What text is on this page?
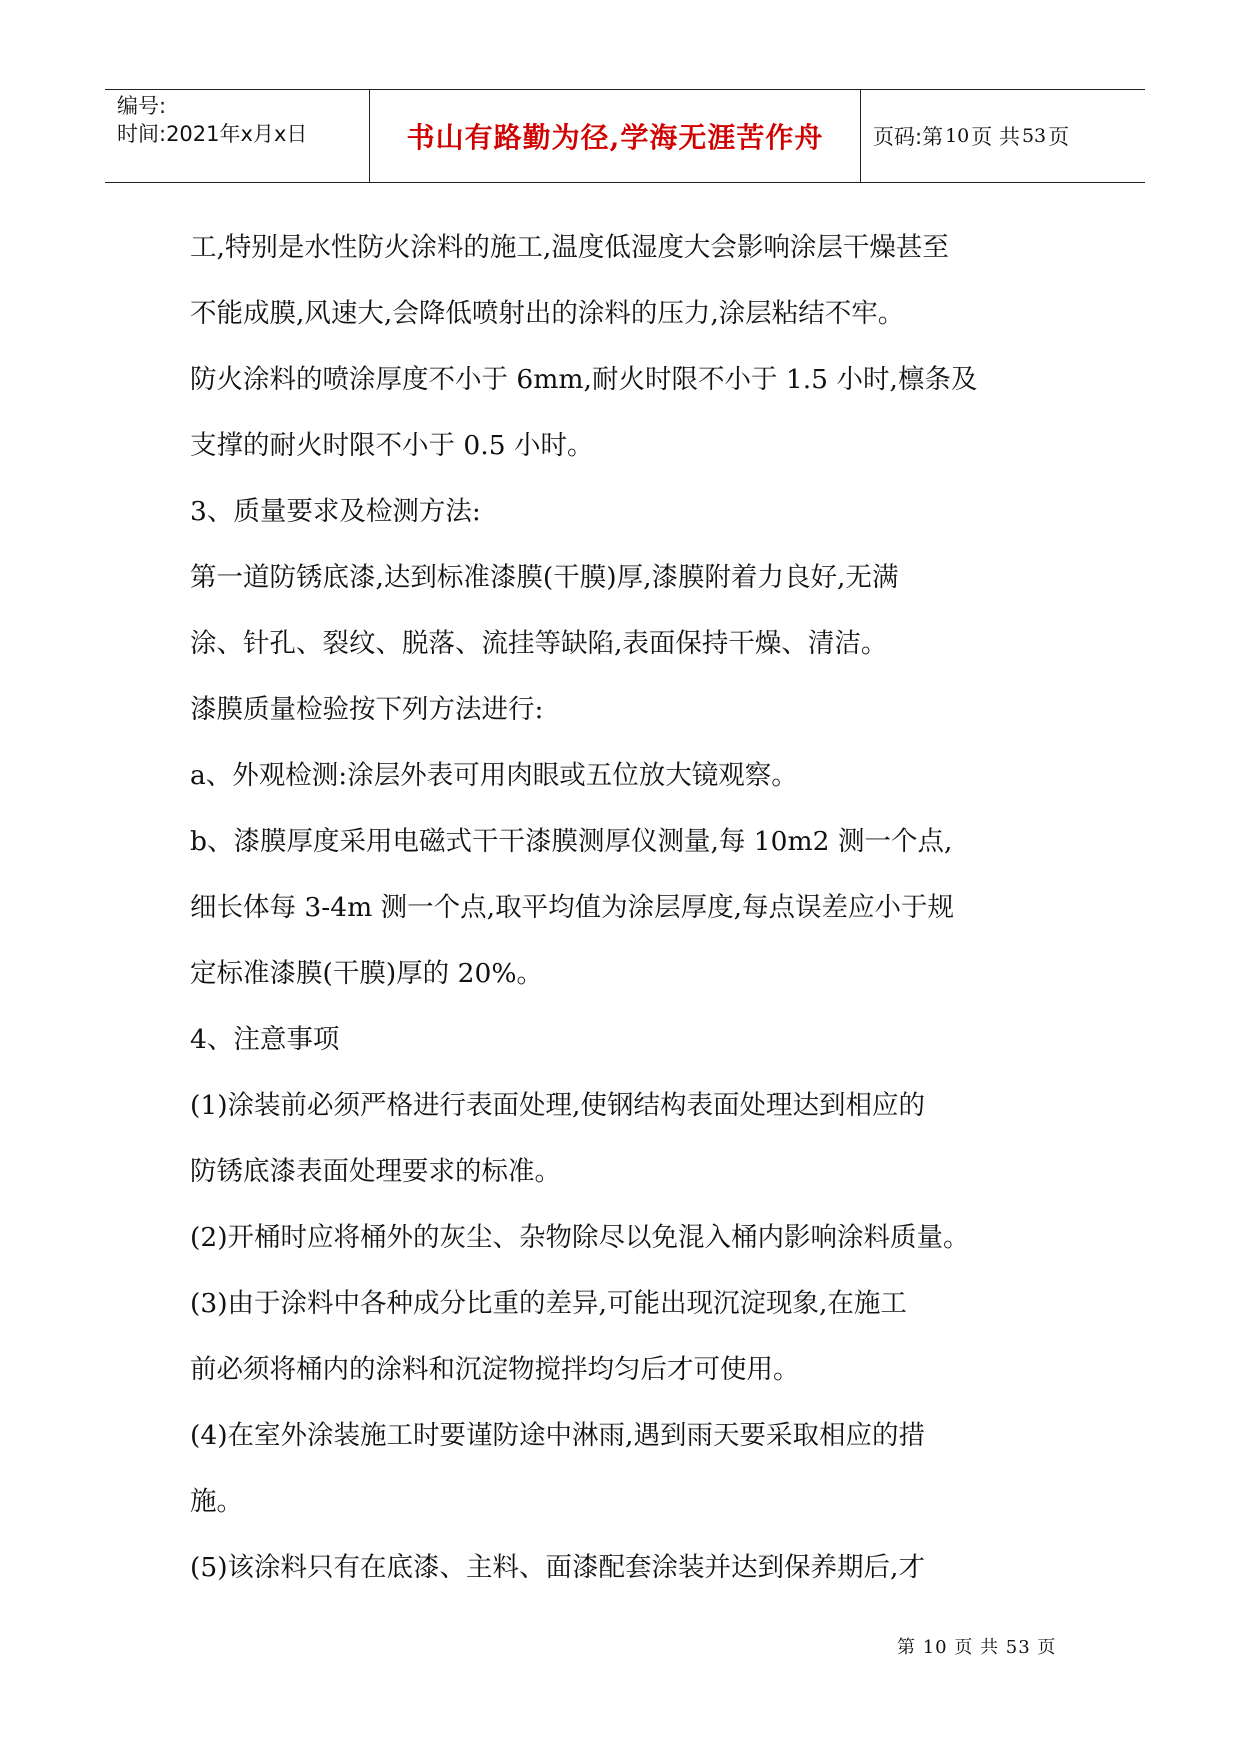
编号:
时间:2021年x月x日	书山有路勤为径,学海无涯苦作舟	页码:第 10 页 共 53 页

工,特别是水性防火涂料的施工,温度低湿度大会影响涂层干燥甚至

不能成膜,风速大,会降低喷射出的涂料的压力,涂层粘结不牢。

防火涂料的喷涂厚度不小于 6mm,耐火时限不小于 1.5 小时,檩条及

支撑的耐火时限不小于 0.5 小时。

3、质量要求及检测方法:

第一道防锈底漆,达到标准漆膜(干膜)厚,漆膜附着力良好,无满

涂、针孔、裂纹、脱落、流挂等缺陷,表面保持干燥、清洁。

漆膜质量检验按下列方法进行:

a、外观检测:涂层外表可用肉眼或五位放大镜观察。

b、漆膜厚度采用电磁式干干漆膜测厚仪测量,每 10m2 测一个点,

细长体每 3-4m 测一个点,取平均值为涂层厚度,每点误差应小于规

定标准漆膜(干膜)厚的 20%。

4、注意事项

(1)涂装前必须严格进行表面处理,使钢结构表面处理达到相应的

防锈底漆表面处理要求的标准。

(2)开桶时应将桶外的灰尘、杂物除尽以免混入桶内影响涂料质量。

(3)由于涂料中各种成分比重的差异,可能出现沉淀现象,在施工

前必须将桶内的涂料和沉淀物搅拌均匀后才可使用。

(4)在室外涂装施工时要谨防途中淋雨,遇到雨天要采取相应的措

施。

(5)该涂料只有在底漆、主料、面漆配套涂装并达到保养期后,才

第 10 页 共 53 页
